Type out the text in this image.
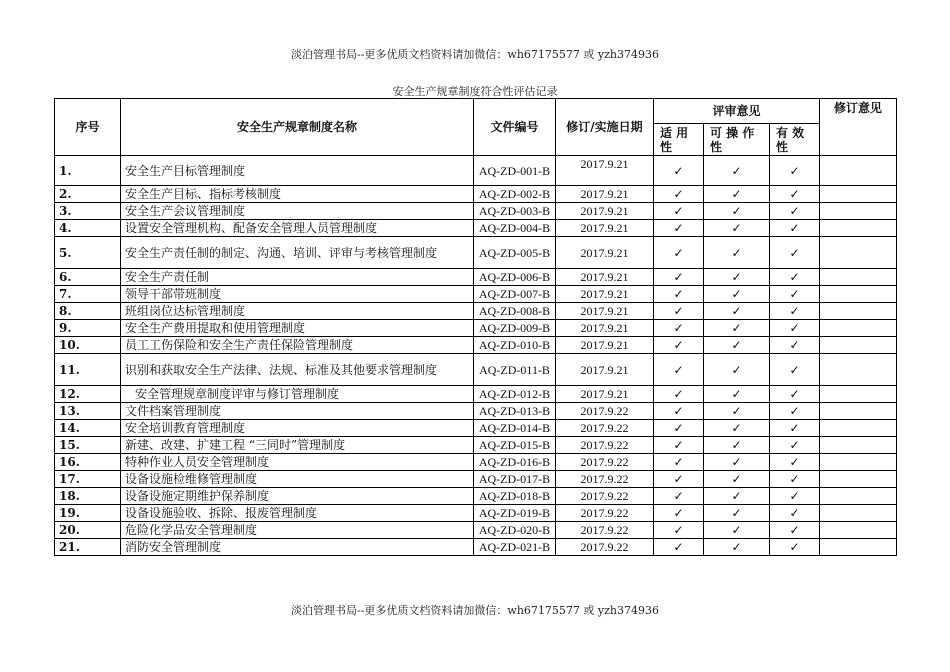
淡泊管理书局--更多优质文档资料请加微信：wh67175577 或 yzh374936
安全生产规章制度符合性评估记录
序号	安全生产规章制度名称	文件编号	修订/实施日期	评审意见			修订意见
				适 用 性	可 操 作 性	有 效 性	
1.	安全生产目标管理制度	AQ-ZD-001-B	2017.9.21	✓	✓	✓	
2.	安全生产目标、指标考核制度	AQ-ZD-002-B	2017.9.21	✓	✓	✓	
3.	安全生产会议管理制度	AQ-ZD-003-B	2017.9.21	✓	✓	✓	
4.	设置安全管理机构、配备安全管理人员管理制度	AQ-ZD-004-B	2017.9.21	✓	✓	✓	
5.	安全生产责任制的制定、沟通、培训、评审与考核管理制度	AQ-ZD-005-B	2017.9.21	✓	✓	✓	
6.	安全生产责任制	AQ-ZD-006-B	2017.9.21	✓	✓	✓	
7.	领导干部带班制度	AQ-ZD-007-B	2017.9.21	✓	✓	✓	
8.	班组岗位达标管理制度	AQ-ZD-008-B	2017.9.21	✓	✓	✓	
9.	安全生产费用提取和使用管理制度	AQ-ZD-009-B	2017.9.21	✓	✓	✓	
10.	员工工伤保险和安全生产责任保险管理制度	AQ-ZD-010-B	2017.9.21	✓	✓	✓	
11.	识别和获取安全生产法律、法规、标准及其他要求管理制度	AQ-ZD-011-B	2017.9.21	✓	✓	✓	
12.	安全管理规章制度评审与修订管理制度	AQ-ZD-012-B	2017.9.21	✓	✓	✓	
13.	文件档案管理制度	AQ-ZD-013-B	2017.9.22	✓	✓	✓	
14.	安全培训教育管理制度	AQ-ZD-014-B	2017.9.22	✓	✓	✓	
15.	新建、改建、扩建工程 “三同时”管理制度	AQ-ZD-015-B	2017.9.22	✓	✓	✓	
16.	特种作业人员安全管理制度	AQ-ZD-016-B	2017.9.22	✓	✓	✓	
17.	设备设施检维修管理制度	AQ-ZD-017-B	2017.9.22	✓	✓	✓	
18.	设备设施定期维护保养制度	AQ-ZD-018-B	2017.9.22	✓	✓	✓	
19.	设备设施验收、拆除、报废管理制度	AQ-ZD-019-B	2017.9.22	✓	✓	✓	
20.	危险化学品安全管理制度	AQ-ZD-020-B	2017.9.22	✓	✓	✓	
21.	消防安全管理制度	AQ-ZD-021-B	2017.9.22	✓	✓	✓	
淡泊管理书局--更多优质文档资料请加微信：wh67175577 或 yzh374936
